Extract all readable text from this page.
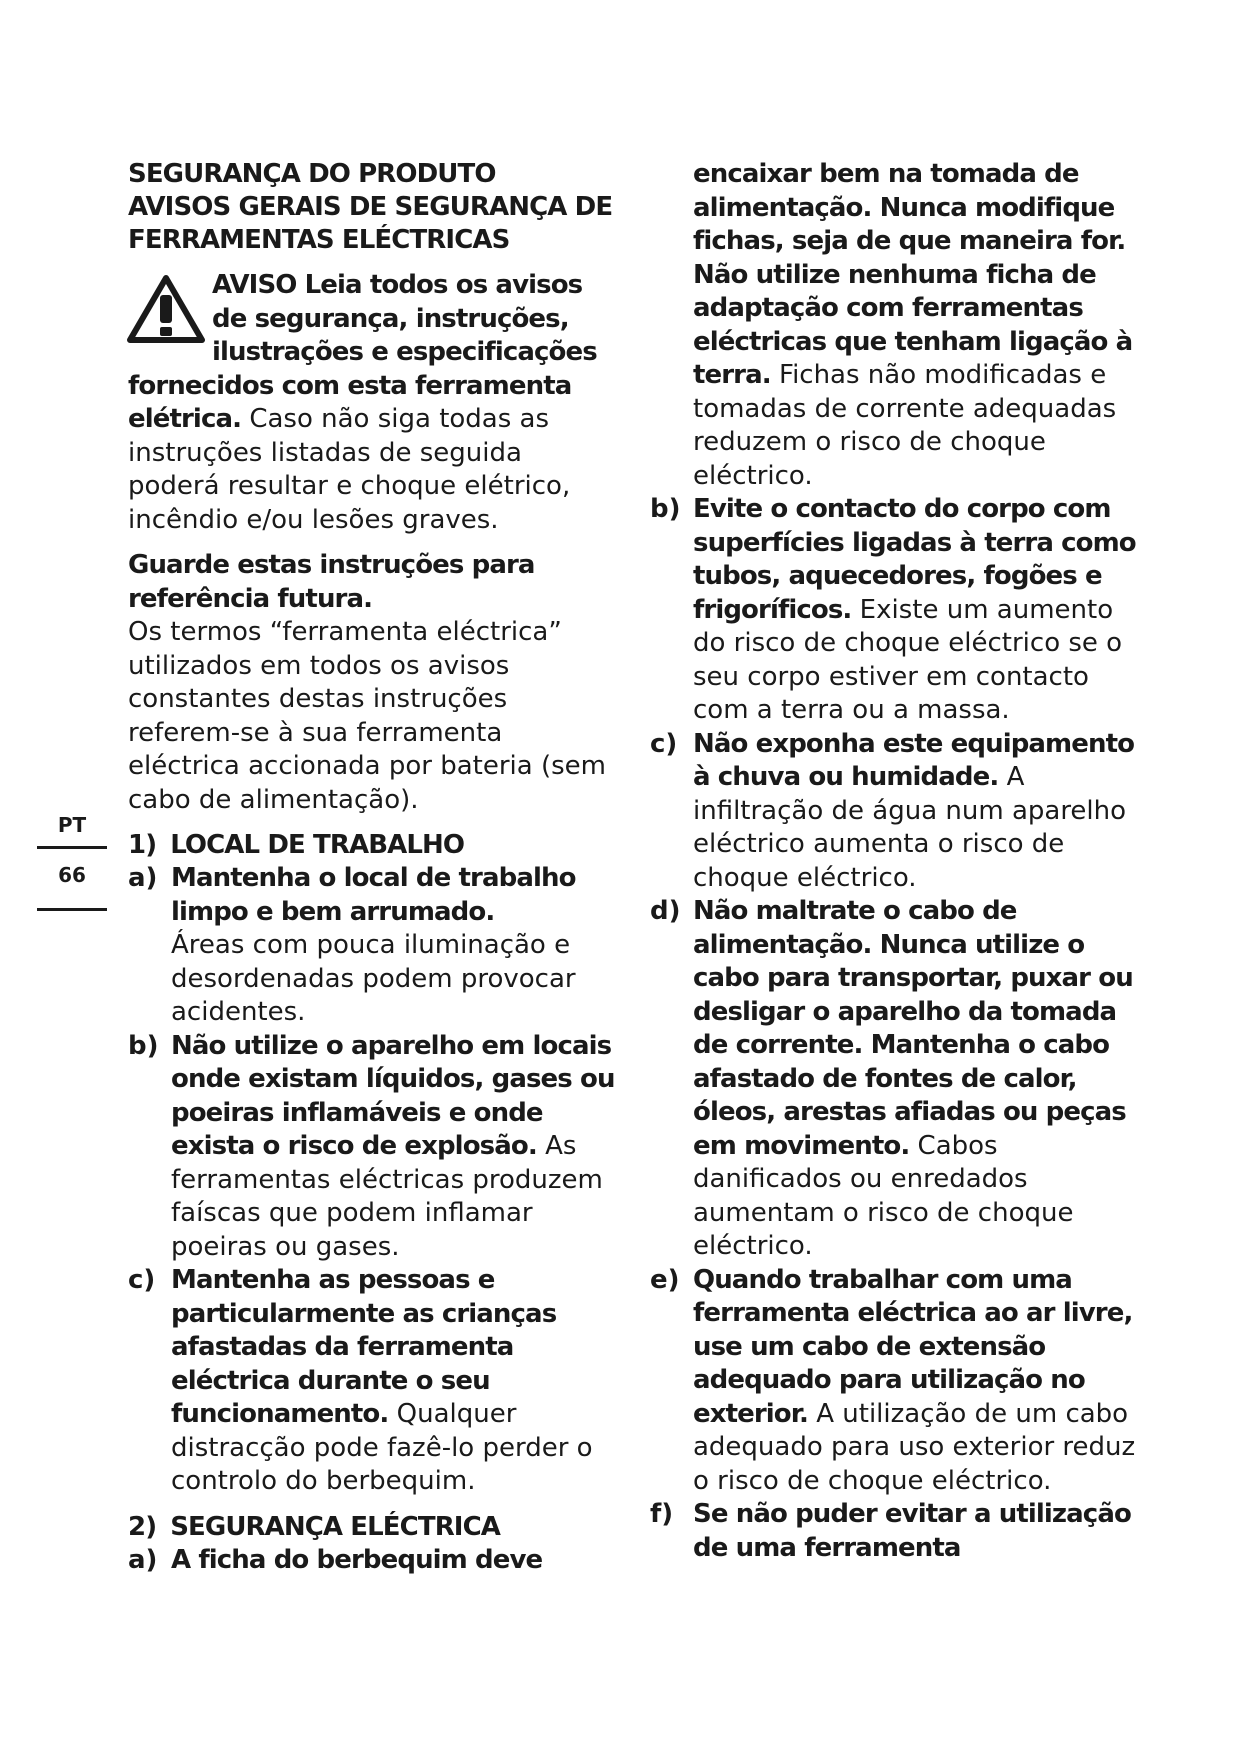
PT
66

SEGURANÇA DO PRODUTO

AVISOS GERAIS DE SEGURANÇA DE FERRAMENTAS ELÉCTRICAS

AVISO Leia todos os avisos de segurança, instruções, ilustrações e especificações fornecidos com esta ferramenta elétrica. Caso não siga todas as instruções listadas de seguida poderá resultar e choque elétrico, incêndio e/ou lesões graves.

Guarde estas instruções para referência futura.

Os termos “ferramenta eléctrica” utilizados em todos os avisos constantes destas instruções referem-se à sua ferramenta eléctrica accionada por bateria (sem cabo de alimentação).

1) LOCAL DE TRABALHO
a) Mantenha o local de trabalho limpo e bem arrumado.

Áreas com pouca iluminação e desordenadas podem provocar acidentes.

b) Não utilize o aparelho em locais onde existam líquidos, gases ou poeiras inflamáveis e onde exista o risco de explosão. As ferramentas eléctricas produzem faíscas que podem inflamar poeiras ou gases.
c) Mantenha as pessoas e particularmente as crianças afastadas da ferramenta eléctrica durante o seu funcionamento. Qualquer distracção pode fazê-lo perder o controlo do berbequim.
2) SEGURANÇA ELÉCTRICA
a) A ficha do berbequim deve
encaixar bem na tomada de alimentação. Nunca modifique fichas, seja de que maneira for. Não utilize nenhuma ficha de adaptação com ferramentas eléctricas que tenham ligação à terra. Fichas não modificadas e tomadas de corrente adequadas reduzem o risco de choque eléctrico.
b) Evite o contacto do corpo com superfícies ligadas à terra como tubos, aquecedores, fogões e frigoríficos. Existe um aumento do risco de choque eléctrico se o seu corpo estiver em contacto com a terra ou a massa.
c) Não exponha este equipamento à chuva ou humidade. A infiltração de água num aparelho eléctrico aumenta o risco de choque eléctrico.
d) Não maltrate o cabo de alimentação. Nunca utilize o cabo para transportar, puxar ou desligar o aparelho da tomada de corrente. Mantenha o cabo afastado de fontes de calor, óleos, arestas afiadas ou peças em movimento. Cabos danificados ou enredados aumentam o risco de choque eléctrico.
e) Quando trabalhar com uma ferramenta eléctrica ao ar livre, use um cabo de extensão adequado para utilização no exterior. A utilização de um cabo adequado para uso exterior reduz o risco de choque eléctrico.
f) Se não puder evitar a utilização de uma ferramenta
